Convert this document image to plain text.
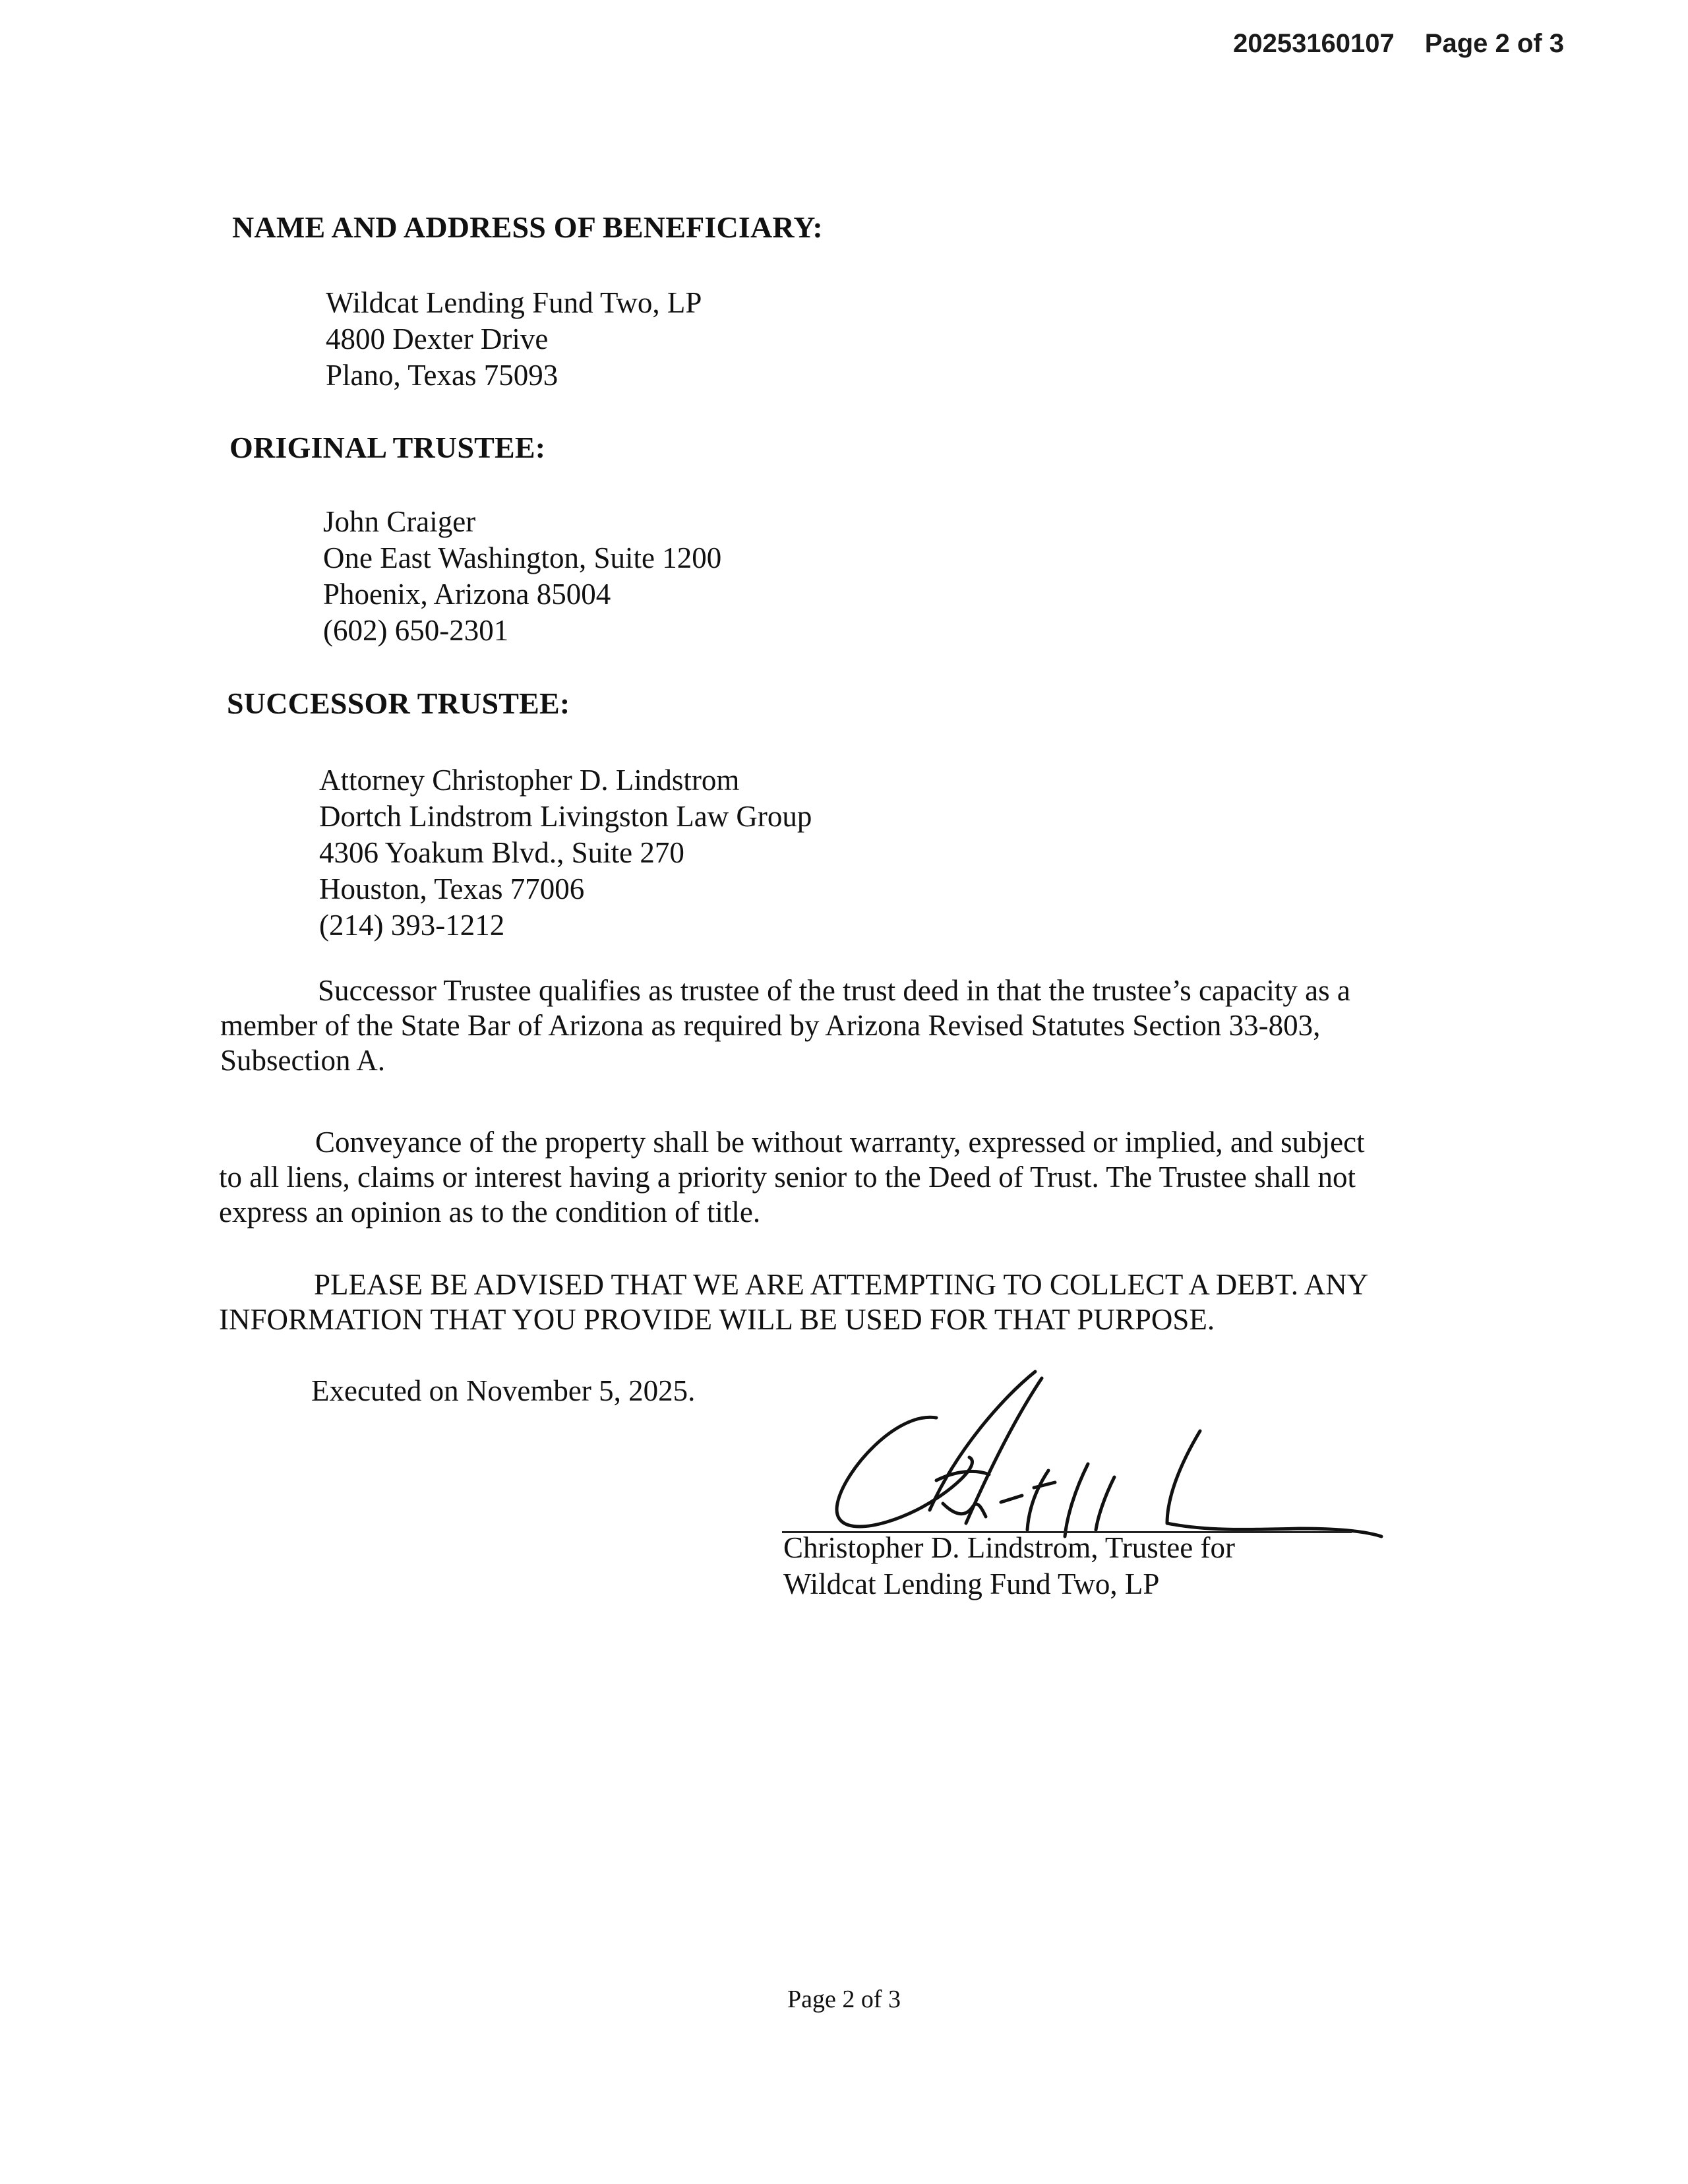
20253160107 Page 2 of 3
NAME AND ADDRESS OF BENEFICIARY:
Wildcat Lending Fund Two, LP
4800 Dexter Drive
Plano, Texas 75093
ORIGINAL TRUSTEE:
John Craiger
One East Washington, Suite 1200
Phoenix, Arizona 85004
(602) 650-2301
SUCCESSOR TRUSTEE:
Attorney Christopher D. Lindstrom
Dortch Lindstrom Livingston Law Group
4306 Yoakum Blvd., Suite 270
Houston, Texas 77006
(214) 393-1212
Successor Trustee qualifies as trustee of the trust deed in that the trustee’s capacity as a
member of the State Bar of Arizona as required by Arizona Revised Statutes Section 33-803,
Subsection A.
Conveyance of the property shall be without warranty, expressed or implied, and subject
to all liens, claims or interest having a priority senior to the Deed of Trust. The Trustee shall not
express an opinion as to the condition of title.
PLEASE BE ADVISED THAT WE ARE ATTEMPTING TO COLLECT A DEBT. ANY
INFORMATION THAT YOU PROVIDE WILL BE USED FOR THAT PURPOSE.
Executed on November 5, 2025.
Christopher D. Lindstrom, Trustee for
Wildcat Lending Fund Two, LP
Page 2 of 3
